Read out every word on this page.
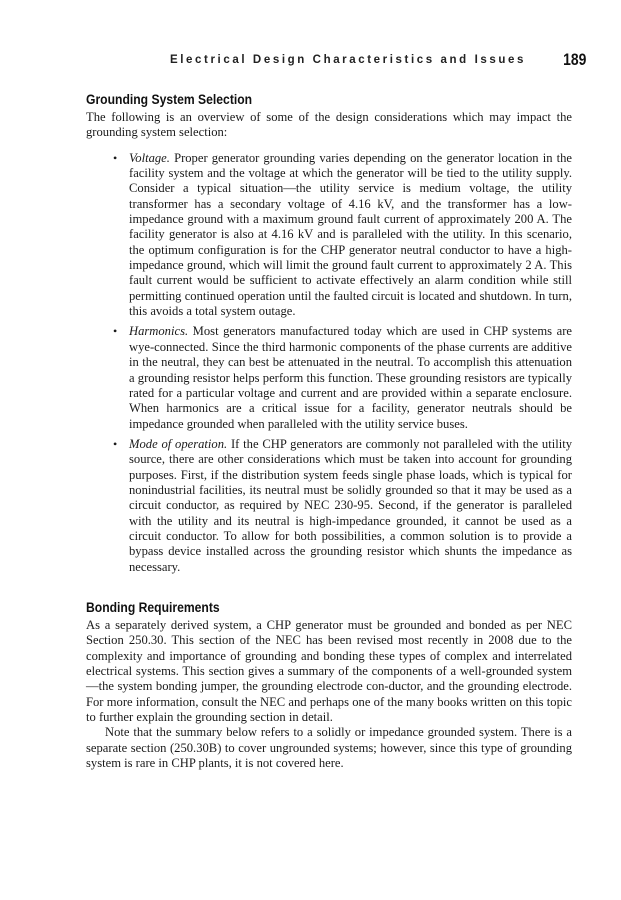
Electrical Design Characteristics and Issues 189
Grounding System Selection

The following is an overview of some of the design considerations which may impact the grounding system selection:

• Voltage. Proper generator grounding varies depending on the generator location in the facility system and the voltage at which the generator will be tied to the utility supply. Consider a typical situation—the utility service is medium voltage, the utility transformer has a secondary voltage of 4.16 kV, and the transformer has a low-impedance ground with a maximum ground fault current of approximately 200 A. The facility generator is also at 4.16 kV and is paralleled with the utility. In this scenario, the optimum configuration is for the CHP generator neutral conductor to have a high-impedance ground, which will limit the ground fault current to approximately 2 A. This fault current would be sufficient to activate effectively an alarm condition while still permitting continued operation until the faulted circuit is located and shutdown. In turn, this avoids a total system outage.
• Harmonics. Most generators manufactured today which are used in CHP systems are wye-connected. Since the third harmonic components of the phase currents are additive in the neutral, they can best be attenuated in the neutral. To accomplish this attenuation a grounding resistor helps perform this function. These grounding resistors are typically rated for a particular voltage and current and are provided within a separate enclosure. When harmonics are a critical issue for a facility, generator neutrals should be impedance grounded when paralleled with the utility service buses.
• Mode of operation. If the CHP generators are commonly not paralleled with the utility source, there are other considerations which must be taken into account for grounding purposes. First, if the distribution system feeds single phase loads, which is typical for nonindustrial facilities, its neutral must be solidly grounded so that it may be used as a circuit conductor, as required by NEC 230-95. Second, if the generator is paralleled with the utility and its neutral is high-impedance grounded, it cannot be used as a circuit conductor. To allow for both possibilities, a common solution is to provide a bypass device installed across the grounding resistor which shunts the impedance as necessary.
Bonding Requirements

As a separately derived system, a CHP generator must be grounded and bonded as per NEC Section 250.30. This section of the NEC has been revised most recently in 2008 due to the complexity and importance of grounding and bonding these types of complex and interrelated electrical systems. This section gives a summary of the components of a well-grounded system—the system bonding jumper, the grounding electrode con-ductor, and the grounding electrode. For more information, consult the NEC and perhaps one of the many books written on this topic to further explain the grounding section in detail.

Note that the summary below refers to a solidly or impedance grounded system. There is a separate section (250.30B) to cover ungrounded systems; however, since this type of grounding system is rare in CHP plants, it is not covered here.
